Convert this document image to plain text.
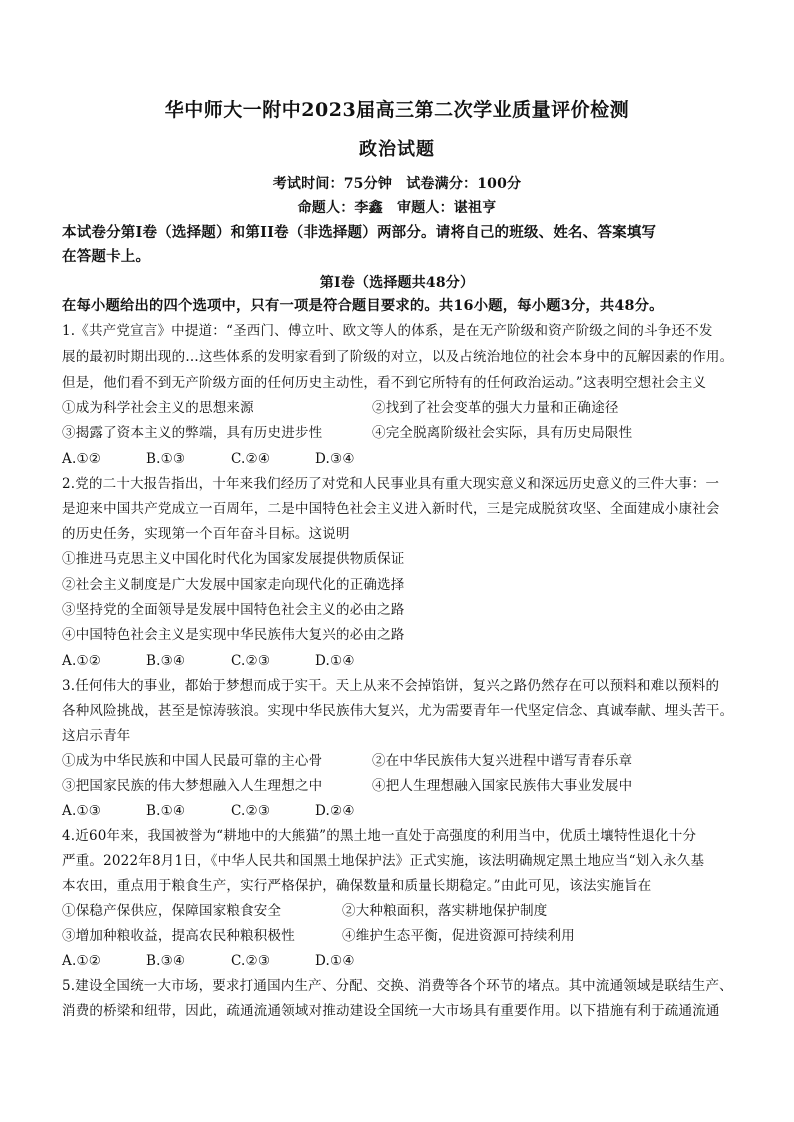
华中师大一附中2023届高三第二次学业质量评价检测
政治试题
考试时间：75分钟　试卷满分：100分
命题人：李鑫　审题人：谌祖亨
本试卷分第Ⅰ卷（选择题）和第II卷（非选择题）两部分。请将自己的班级、姓名、答案填写
在答题卡上。
第Ⅰ卷（选择题共48分）
在每小题给出的四个选项中，只有一项是符合题目要求的。共16小题，每小题3分，共48分。
1.《共产党宣言》中提道：“圣西门、傅立叶、欧文等人的体系，是在无产阶级和资产阶级之间的斗争还不发
展的最初时期出现的…这些体系的发明家看到了阶级的对立，以及占统治地位的社会本身中的瓦解因素的作用。
但是，他们看不到无产阶级方面的任何历史主动性，看不到它所特有的任何政治运动。”这表明空想社会主义
①成为科学社会主义的思想来源	②找到了社会变革的强大力量和正确途径
③揭露了资本主义的弊端，具有历史进步性	④完全脱离阶级社会实际，具有历史局限性
A.①②	B.①③	C.②④	D.③④
2.党的二十大报告指出，十年来我们经历了对党和人民事业具有重大现实意义和深远历史意义的三件大事：一
是迎来中国共产党成立一百周年，二是中国特色社会主义进入新时代，三是完成脱贫攻坚、全面建成小康社会
的历史任务，实现第一个百年奋斗目标。这说明
①推进马克思主义中国化时代化为国家发展提供物质保证
②社会主义制度是广大发展中国家走向现代化的正确选择
③坚持党的全面领导是发展中国特色社会主义的必由之路
④中国特色社会主义是实现中华民族伟大复兴的必由之路
A.①②	B.③④	C.②③	D.①④
3.任何伟大的事业，都始于梦想而成于实干。天上从来不会掉馅饼，复兴之路仍然存在可以预料和难以预料的
各种风险挑战，甚至是惊涛骇浪。实现中华民族伟大复兴，尤为需要青年一代坚定信念、真诚奉献、埋头苦干。
这启示青年
①成为中华民族和中国人民最可靠的主心骨	②在中华民族伟大复兴进程中谱写青春乐章
③把国家民族的伟大梦想融入人生理想之中	④把人生理想融入国家民族伟大事业发展中
A.①③	B.①④	C.②③	D.②④
4.近60年来，我国被誉为“耕地中的大熊猫”的黑土地一直处于高强度的利用当中，优质土壤特性退化十分
严重。2022年8月1日，《中华人民共和国黑土地保护法》正式实施，该法明确规定黑土地应当“划入永久基
本农田，重点用于粮食生产，实行严格保护，确保数量和质量长期稳定。”由此可见，该法实施旨在
①保稳产保供应，保障国家粮食安全	②大种粮面积，落实耕地保护制度
③增加种粮收益，提高农民种粮积极性	④维护生态平衡，促进资源可持续利用
A.①②	B.③④	C.②③	D.①④
5.建设全国统一大市场，要求打通国内生产、分配、交换、消费等各个环节的堵点。其中流通领域是联结生产、
消费的桥梁和纽带，因此，疏通流通领域对推动建设全国统一大市场具有重要作用。以下措施有利于疏通流通
